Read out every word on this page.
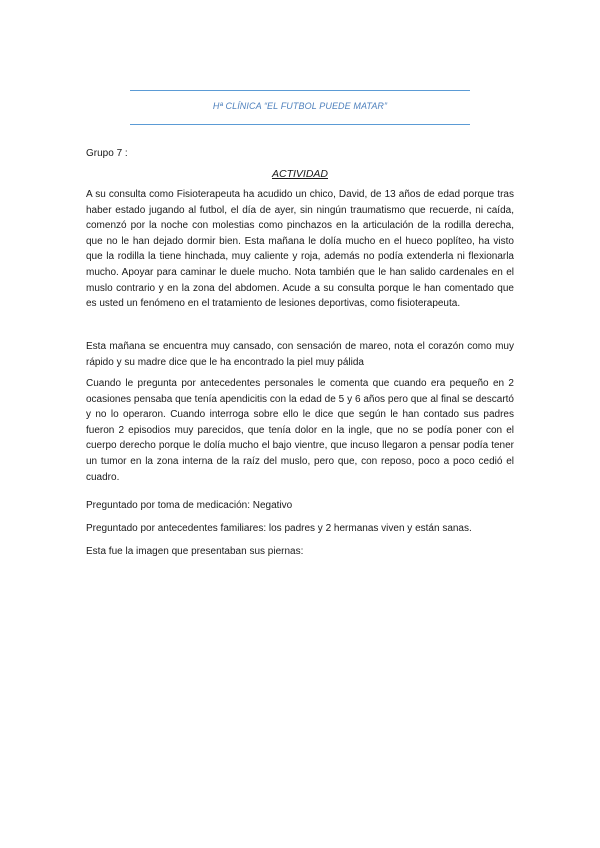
Hª CLÍNICA “EL FUTBOL PUEDE MATAR”
Grupo 7 :
ACTIVIDAD

A su consulta como Fisioterapeuta ha acudido un chico, David, de 13 años de edad porque tras haber estado jugando al futbol, el día de ayer, sin ningún traumatismo que recuerde, ni caída, comenzó por la noche con molestias como pinchazos en la articulación de la rodilla derecha, que no le han dejado dormir bien. Esta mañana le dolía mucho en el hueco poplíteo, ha visto que la rodilla la tiene hinchada, muy caliente y roja, además no podía extenderla ni flexionarla mucho. Apoyar para caminar le duele mucho. Nota también que le han salido cardenales en el muslo contrario y en la zona del abdomen. Acude a su consulta porque le han comentado que es usted un fenómeno en el tratamiento de lesiones deportivas, como fisioterapeuta.

Esta mañana se encuentra muy cansado, con sensación de mareo, nota el corazón como muy rápido y su madre dice que le ha encontrado la piel muy pálida

Cuando le pregunta por antecedentes personales le comenta que cuando era pequeño en 2 ocasiones pensaba que tenía apendicitis con la edad de 5 y 6 años pero que al final se descartó y no lo operaron. Cuando interroga sobre ello le dice que según le han contado sus padres fueron 2 episodios muy parecidos, que tenía dolor en la ingle, que no se podía poner con el cuerpo derecho porque le dolía mucho el bajo vientre, que incuso llegaron a pensar podía tener un tumor en la zona interna de la raíz del muslo, pero que, con reposo, poco a poco cedió el cuadro.

Preguntado por toma de medicación: Negativo

Preguntado por antecedentes familiares: los padres y 2 hermanas viven y están sanas.

Esta fue la imagen que presentaban sus piernas:
